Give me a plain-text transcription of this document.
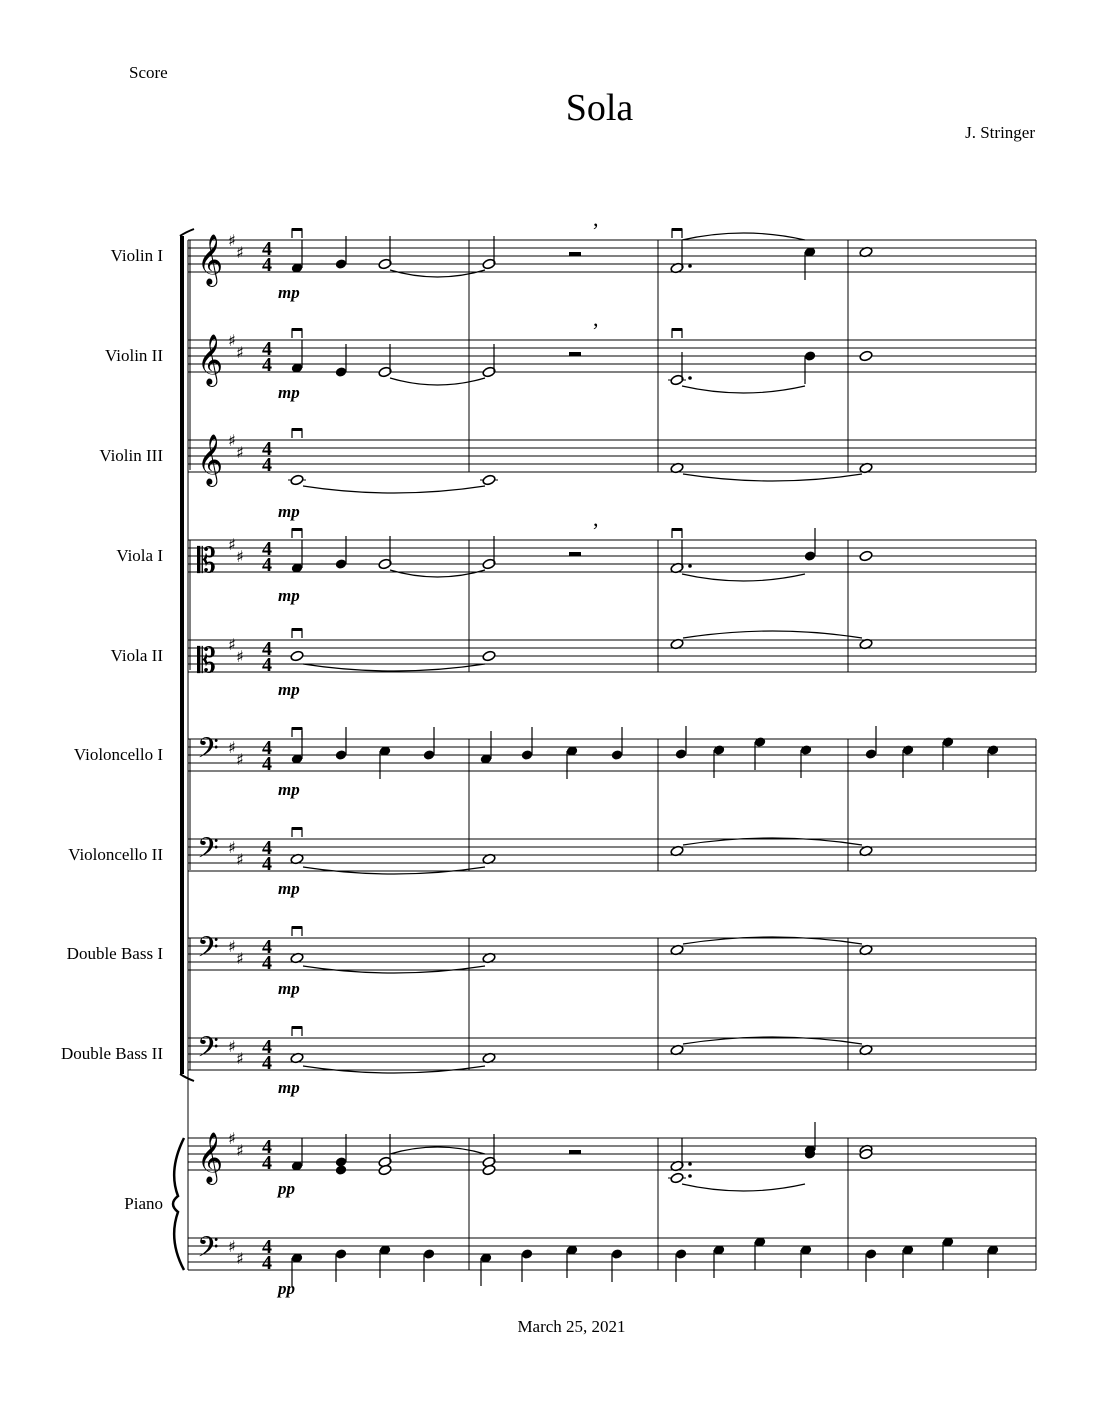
Score
Sola
J. Stringer
Violin I
Violin II
Violin III
Viola I
Viola II
Violoncello I
Violoncello II
Double Bass I
Double Bass II
Piano
𝄞 ♯
♯ 4
4
mp
𝄞 ♯
♯ 4
4
mp
𝄞 ♯
♯ 4
4
mp
𝄡 ♯
♯ 4
4
mp
𝄡 ♯
♯ 4
4
mp
𝄢 ♯
♯
4
4
mp
𝄢 ♯
♯
4
4
mp
𝄢 ♯
♯
4
4
mp
𝄢 ♯
♯
4
4
mp
𝄞 ♯
♯ 4
4
pp
𝄢 ♯
♯
4
4
pp
,
,
,
March 25, 2021
